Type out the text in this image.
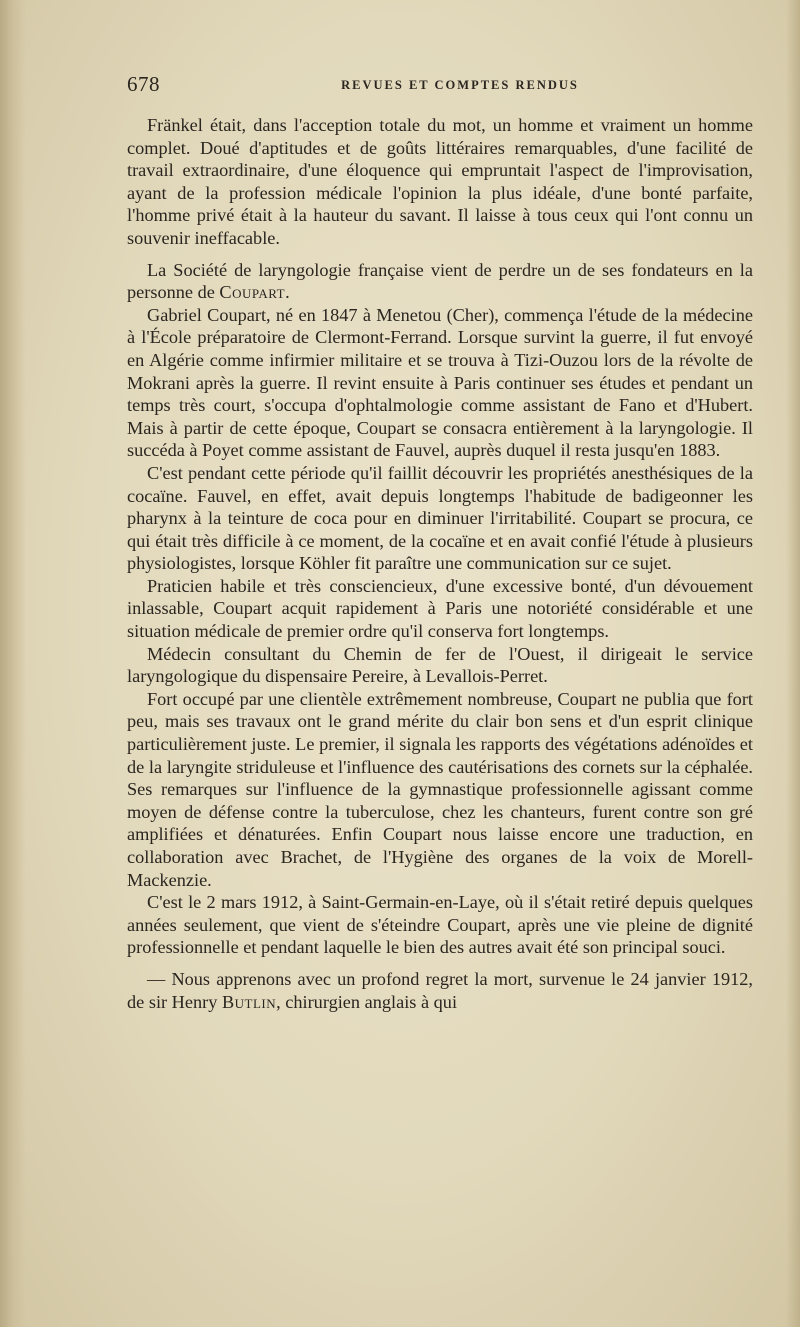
678	REVUES ET COMPTES RENDUS

Fränkel était, dans l'acception totale du mot, un homme et vraiment un homme complet. Doué d'aptitudes et de goûts littéraires remarquables, d'une facilité de travail extraordinaire, d'une éloquence qui empruntait l'aspect de l'improvisation, ayant de la profession médicale l'opinion la plus idéale, d'une bonté parfaite, l'homme privé était à la hauteur du savant. Il laisse à tous ceux qui l'ont connu un souvenir ineffacable.

La Société de laryngologie française vient de perdre un de ses fondateurs en la personne de Coupart.

Gabriel Coupart, né en 1847 à Menetou (Cher), commença l'étude de la médecine à l'École préparatoire de Clermont-Ferrand. Lorsque survint la guerre, il fut envoyé en Algérie comme infirmier militaire et se trouva à Tizi-Ouzou lors de la révolte de Mokrani après la guerre. Il revint ensuite à Paris continuer ses études et pendant un temps très court, s'occupa d'ophtalmologie comme assistant de Fano et d'Hubert. Mais à partir de cette époque, Coupart se consacra entièrement à la laryngologie. Il succéda à Poyet comme assistant de Fauvel, auprès duquel il resta jusqu'en 1883.

C'est pendant cette période qu'il faillit découvrir les propriétés anesthésiques de la cocaïne. Fauvel, en effet, avait depuis longtemps l'habitude de badigeonner les pharynx à la teinture de coca pour en diminuer l'irritabilité. Coupart se procura, ce qui était très difficile à ce moment, de la cocaïne et en avait confié l'étude à plusieurs physiologistes, lorsque Köhler fit paraître une communication sur ce sujet.

Praticien habile et très consciencieux, d'une excessive bonté, d'un dévouement inlassable, Coupart acquit rapidement à Paris une notoriété considérable et une situation médicale de premier ordre qu'il conserva fort longtemps.

Médecin consultant du Chemin de fer de l'Ouest, il dirigeait le service laryngologique du dispensaire Pereire, à Levallois-Perret.

Fort occupé par une clientèle extrêmement nombreuse, Coupart ne publia que fort peu, mais ses travaux ont le grand mérite du clair bon sens et d'un esprit clinique particulièrement juste. Le premier, il signala les rapports des végétations adénoïdes et de la laryngite striduleuse et l'influence des cautérisations des cornets sur la céphalée. Ses remarques sur l'influence de la gymnastique professionnelle agissant comme moyen de défense contre la tuberculose, chez les chanteurs, furent contre son gré amplifiées et dénaturées. Enfin Coupart nous laisse encore une traduction, en collaboration avec Brachet, de l'Hygiène des organes de la voix de Morell-Mackenzie.

C'est le 2 mars 1912, à Saint-Germain-en-Laye, où il s'était retiré depuis quelques années seulement, que vient de s'éteindre Coupart, après une vie pleine de dignité professionnelle et pendant laquelle le bien des autres avait été son principal souci.

— Nous apprenons avec un profond regret la mort, survenue le 24 janvier 1912, de sir Henry Butlin, chirurgien anglais à qui
